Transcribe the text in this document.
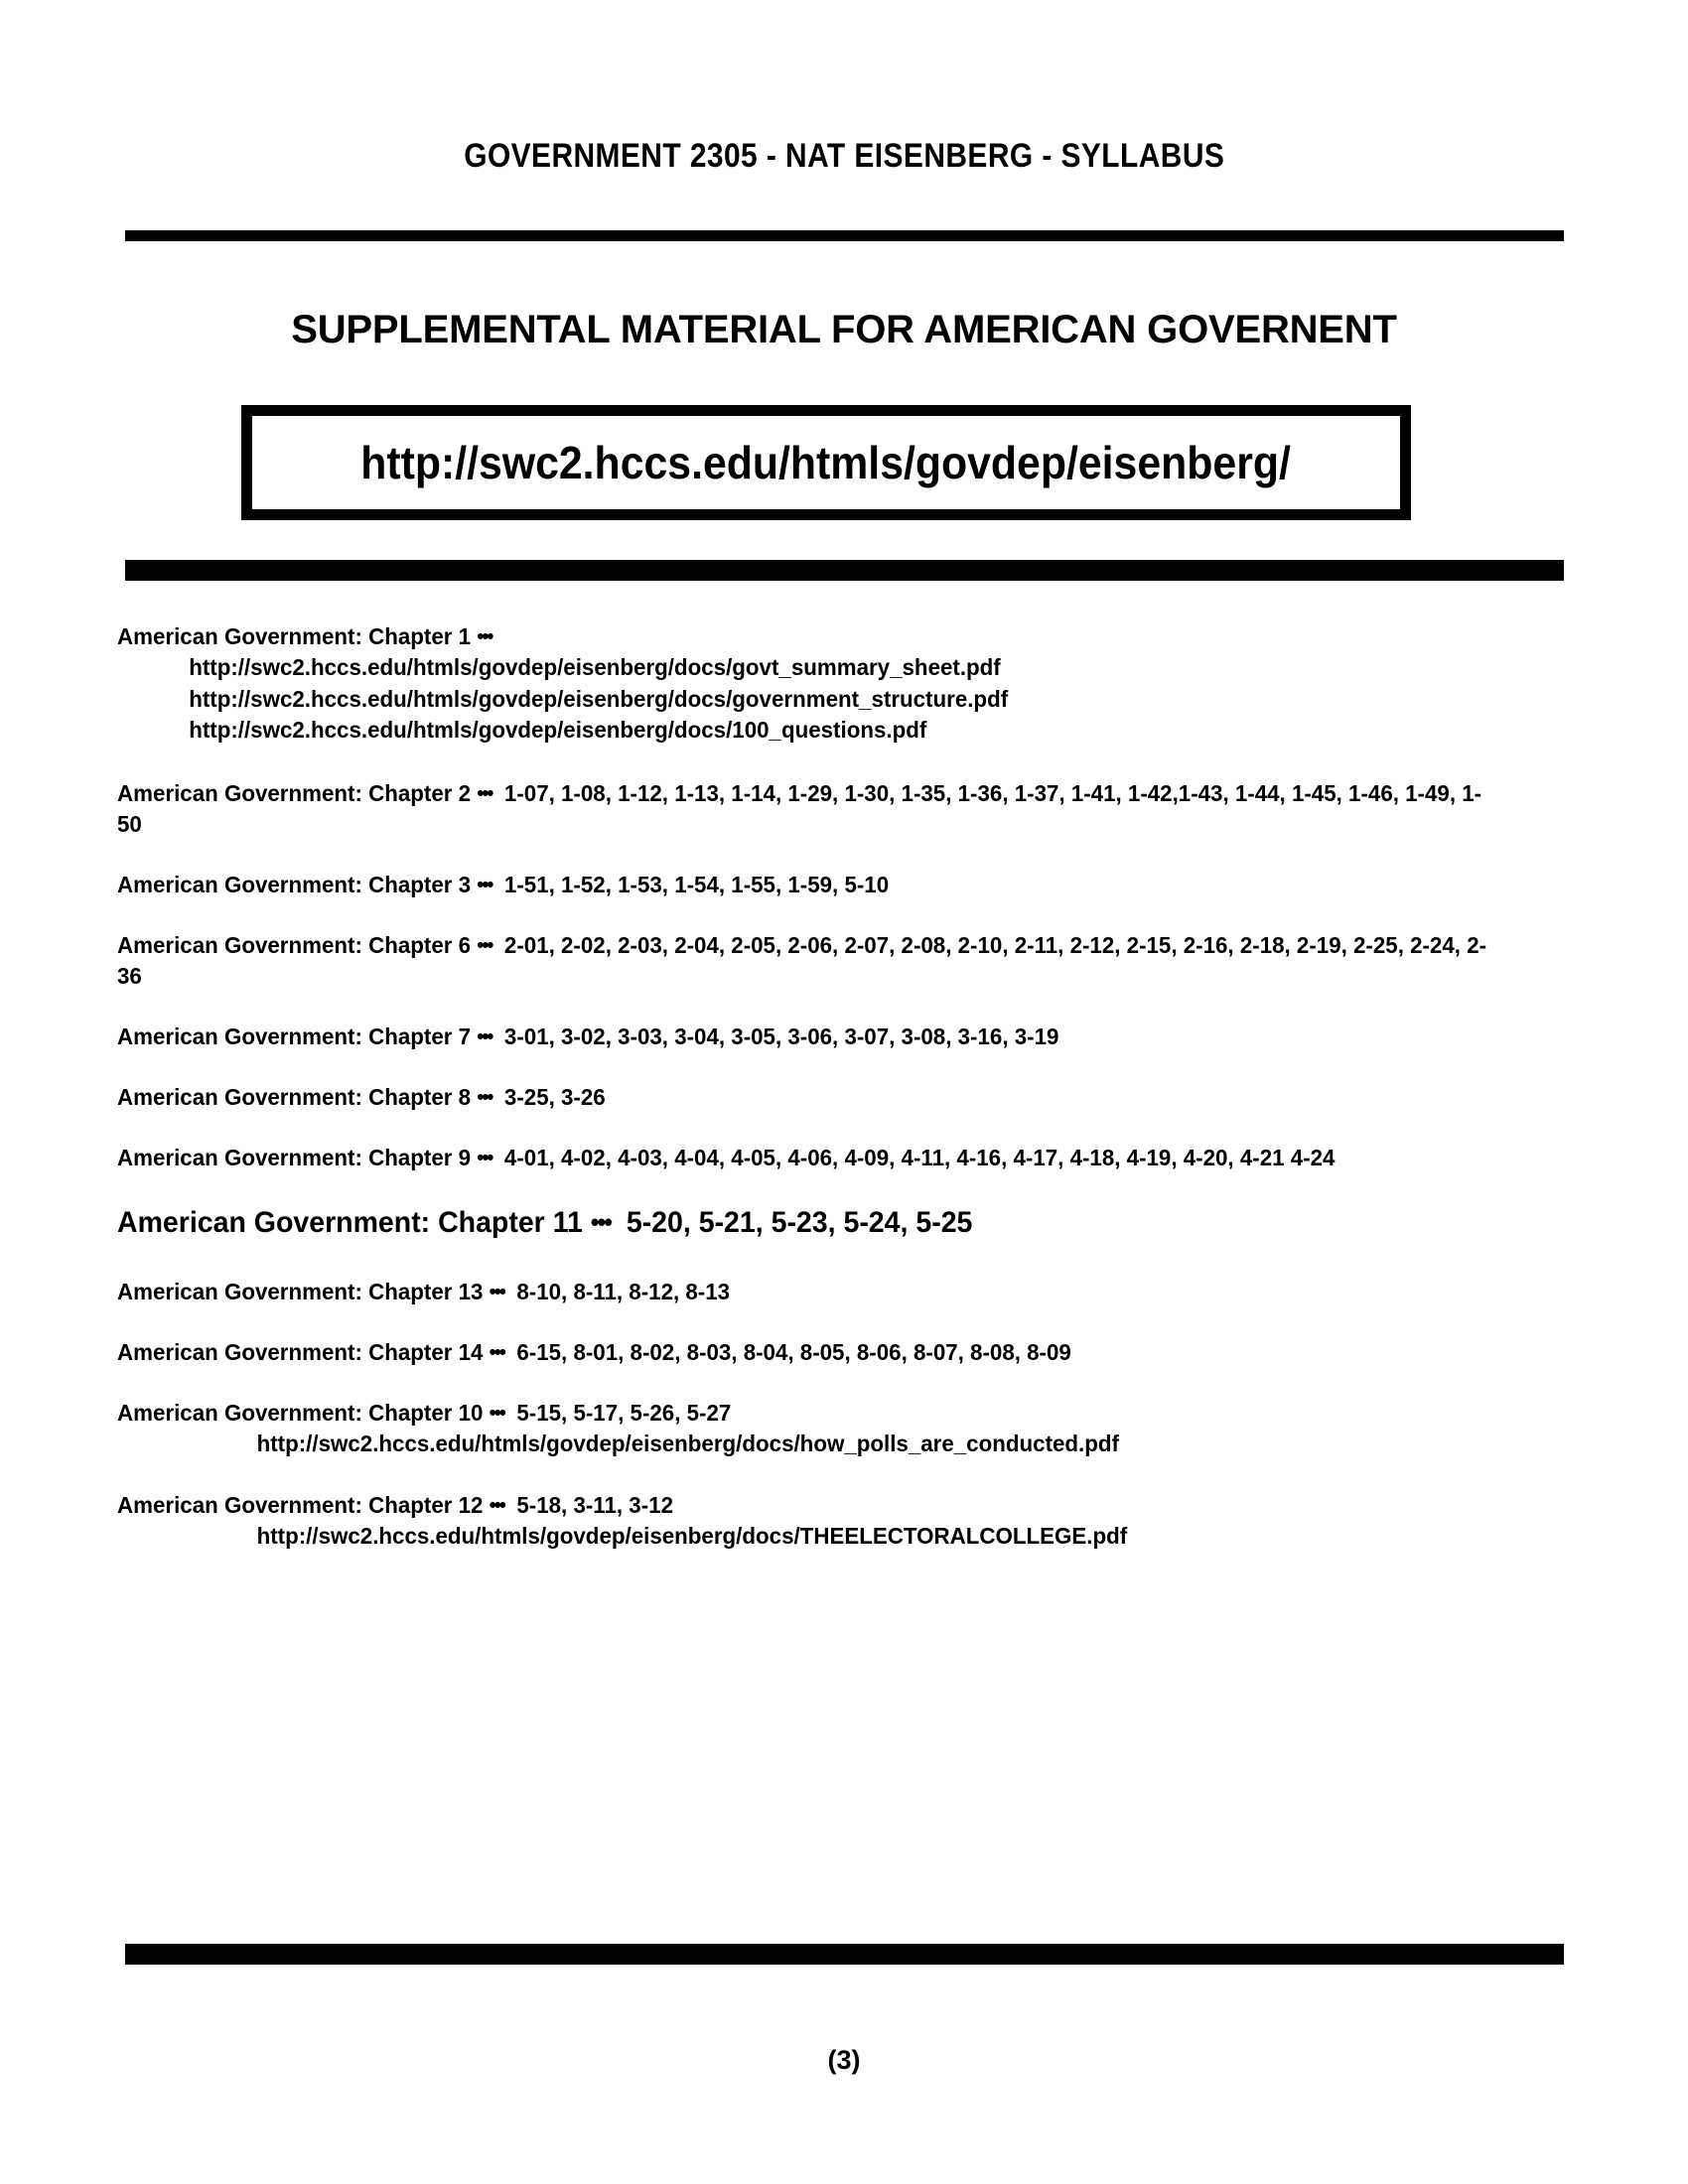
GOVERNMENT 2305 - NAT EISENBERG - SYLLABUS
SUPPLEMENTAL MATERIAL FOR AMERICAN GOVERNENT
http://swc2.hccs.edu/htmls/govdep/eisenberg/
American Government: Chapter 1 •••
http://swc2.hccs.edu/htmls/govdep/eisenberg/docs/govt_summary_sheet.pdf
http://swc2.hccs.edu/htmls/govdep/eisenberg/docs/government_structure.pdf
http://swc2.hccs.edu/htmls/govdep/eisenberg/docs/100_questions.pdf
American Government: Chapter 2 ••• 1-07, 1-08, 1-12, 1-13, 1-14, 1-29, 1-30, 1-35, 1-36, 1-37, 1-41, 1-42,1-43, 1-44, 1-45, 1-46, 1-49, 1-50
American Government: Chapter 3 ••• 1-51, 1-52, 1-53, 1-54, 1-55, 1-59, 5-10
American Government: Chapter 6 ••• 2-01, 2-02, 2-03, 2-04, 2-05, 2-06, 2-07, 2-08, 2-10, 2-11, 2-12, 2-15, 2-16, 2-18, 2-19, 2-25, 2-24, 2-36
American Government: Chapter 7 ••• 3-01, 3-02, 3-03, 3-04, 3-05, 3-06, 3-07, 3-08, 3-16, 3-19
American Government: Chapter 8 ••• 3-25, 3-26
American Government: Chapter 9 ••• 4-01, 4-02, 4-03, 4-04, 4-05, 4-06, 4-09, 4-11, 4-16, 4-17, 4-18, 4-19, 4-20, 4-21 4-24
American Government: Chapter 11 ••• 5-20, 5-21, 5-23, 5-24, 5-25
American Government: Chapter 13 ••• 8-10, 8-11, 8-12, 8-13
American Government: Chapter 14 ••• 6-15, 8-01, 8-02, 8-03, 8-04, 8-05, 8-06, 8-07, 8-08, 8-09
American Government: Chapter 10 ••• 5-15, 5-17, 5-26, 5-27
http://swc2.hccs.edu/htmls/govdep/eisenberg/docs/how_polls_are_conducted.pdf
American Government: Chapter 12 ••• 5-18, 3-11, 3-12
http://swc2.hccs.edu/htmls/govdep/eisenberg/docs/THEELECTORALCOLLEGE.pdf
(3)
